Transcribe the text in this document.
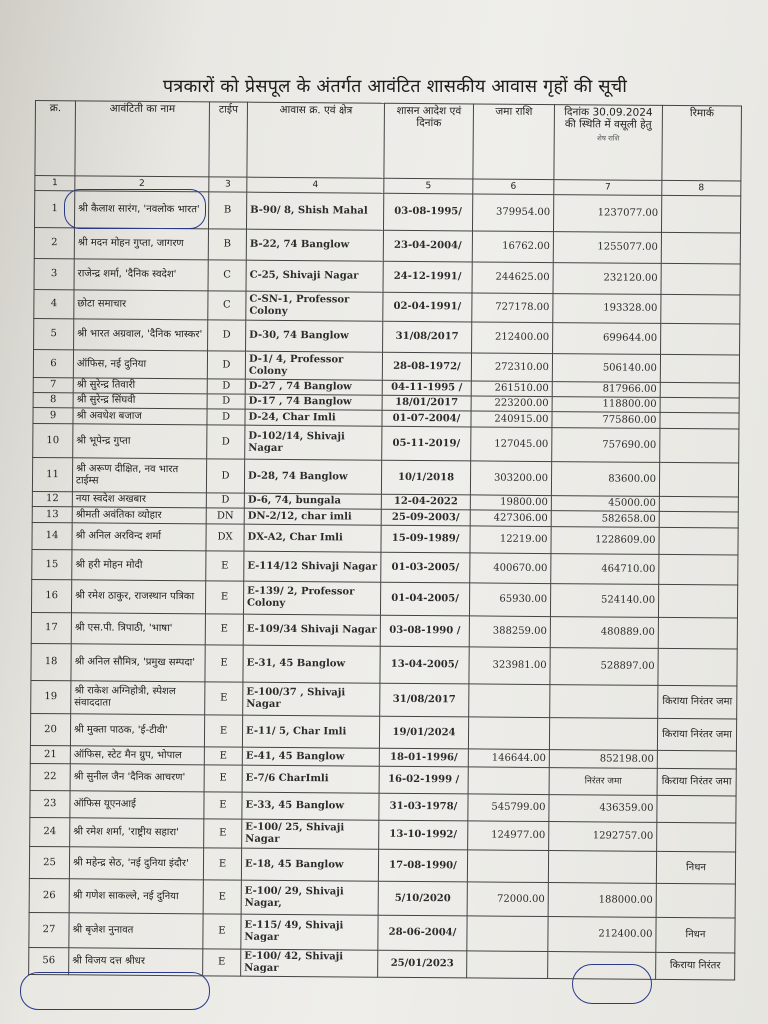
पत्रकारों को प्रेसपूल के अंतर्गत आवंटित शासकीय आवास गृहों की सूची
क्र.	आवंटिती का नाम	टाईप	आवास क्र. एवं क्षेत्र	शासन आदेश एवं दिनांक	जमा राशि	दिनांक 30.09.2024 की स्थिति में वसूली हेतु
शेष राशि	रिमार्क
1	2	3	4	5	6	7	8
1	श्री कैलाश सारंग, 'नवलोक भारत'	B	B-90/ 8, Shish Mahal	03-08-1995/	379954.00	1237077.00	
2	श्री मदन मोहन गुप्ता, जागरण	B	B-22, 74 Banglow	23-04-2004/	16762.00	1255077.00	
3	राजेन्द्र शर्मा, 'दैनिक स्वदेश'	C	C-25, Shivaji Nagar	24-12-1991/	244625.00	232120.00	
4	छोटा समाचार	C	C-SN-1, Professor Colony	02-04-1991/	727178.00	193328.00	
5	श्री भारत अग्रवाल, 'दैनिक भास्कर'	D	D-30, 74 Banglow	31/08/2017	212400.00	699644.00	
6	ऑफिस, नई दुनिया	D	D-1/ 4, Professor Colony	28-08-1972/	272310.00	506140.00	
7	श्री सुरेन्द्र तिवारी	D	D-27 , 74 Banglow	04-11-1995 /	261510.00	817966.00	
8	श्री सुरेन्द्र सिंघवी	D	D-17 , 74 Banglow	18/01/2017	223200.00	118800.00	
9	श्री अवधेश बजाज	D	D-24, Char Imli	01-07-2004/	240915.00	775860.00	
10	श्री भूपेन्द्र गुप्ता	D	D-102/14, Shivaji Nagar	05-11-2019/	127045.00	757690.00	
11	श्री अरूण दीक्षित, नव भारत टाईम्स	D	D-28, 74 Banglow	10/1/2018	303200.00	83600.00	
12	नया स्वदेश अखबार	D	D-6, 74, bungala	12-04-2022	19800.00	45000.00	
13	श्रीमती अवंतिका व्योहार	DN	DN-2/12, char imli	25-09-2003/	427306.00	582658.00	
14	श्री अनिल अरविन्द शर्मा	DX	DX-A2, Char Imli	15-09-1989/	12219.00	1228609.00	
15	श्री हरी मोहन मोदी	E	E-114/12 Shivaji Nagar	01-03-2005/	400670.00	464710.00	
16	श्री रमेश ठाकुर, राजस्थान पत्रिका	E	E-139/ 2, Professor Colony	01-04-2005/	65930.00	524140.00	
17	श्री एस.पी. त्रिपाठी, 'भाषा'	E	E-109/34 Shivaji Nagar	03-08-1990 /	388259.00	480889.00	
18	श्री अनिल सौमित्र, 'प्रमुख सम्पदा'	E	E-31, 45 Banglow	13-04-2005/	323981.00	528897.00	
19	श्री राकेश अग्निहोत्री, स्पेशल संवाददाता	E	E-100/37 , Shivaji Nagar	31/08/2017			किराया निरंतर जमा
20	श्री मुक्ता पाठक, 'ई-टीवी'	E	E-11/ 5, Char Imli	19/01/2024			किराया निरंतर जमा
21	ऑफिस, स्टेट मैन ग्रुप, भोपाल	E	E-41, 45 Banglow	18-01-1996/	146644.00	852198.00	
22	श्री सुनील जैन 'दैनिक आचरण'	E	E-7/6 CharImli	16-02-1999 /		निरंतर जमा	किराया निरंतर जमा
23	ऑफिस यूएनआई	E	E-33, 45 Banglow	31-03-1978/	545799.00	436359.00	
24	श्री रमेश शर्मा, 'राष्ट्रीय सहारा'	E	E-100/ 25, Shivaji Nagar	13-10-1992/	124977.00	1292757.00	
25	श्री महेन्द्र सेठ, 'नई दुनिया इंदौर'	E	E-18, 45 Banglow	17-08-1990/			निधन
26	श्री गणेश साकल्ले, नई दुनिया	E	E-100/ 29, Shivaji Nagar,	5/10/2020	72000.00	188000.00	
27	श्री बृजेश नुनावत	E	E-115/ 49, Shivaji Nagar	28-06-2004/		212400.00	निधन
56	श्री विजय दत्त श्रीधर	E	E-100/ 42, Shivaji Nagar	25/01/2023			किराया निरंतर
